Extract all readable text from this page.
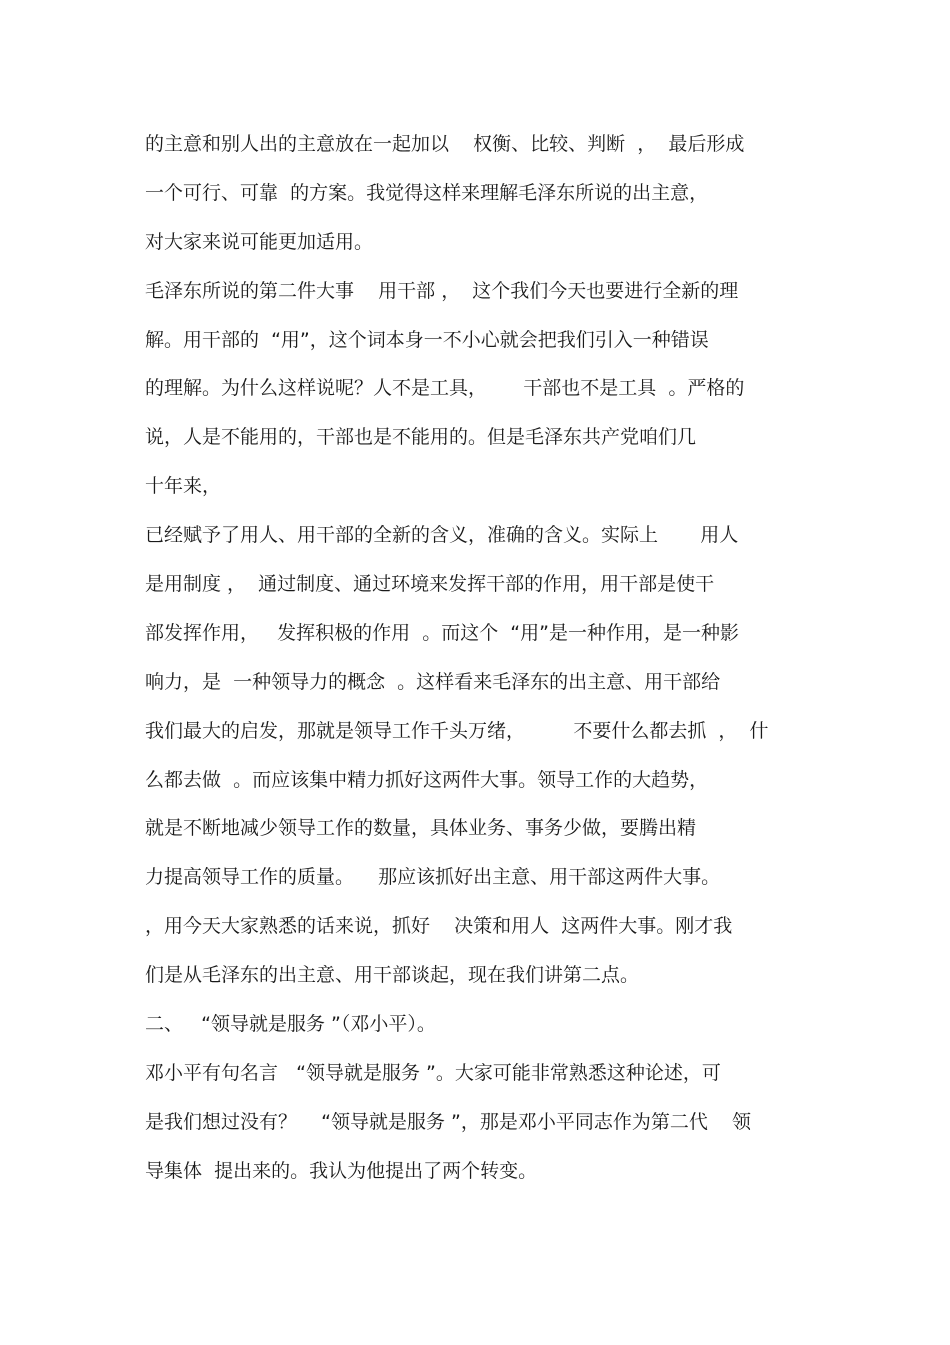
的主意和别人出的主意放在一起加以    权衡、比较、判断  ，  最后形成
一个可行、可靠  的方案。我觉得这样来理解毛泽东所说的出主意，
对大家来说可能更加适用。
毛泽东所说的第二件大事    用干部 ，  这个我们今天也要进行全新的理
解。用干部的  “用”，这个词本身一不小心就会把我们引入一种错误
的理解。为什么这样说呢？人不是工具，      干部也不是工具  。严格的
说，人是不能用的，干部也是不能用的。但是毛泽东共产党咱们几
十年来，
已经赋予了用人、用干部的全新的含义，准确的含义。实际上       用人
是用制度 ，  通过制度、通过环境来发挥干部的作用，用干部是使干
部发挥作用，   发挥积极的作用  。而这个  “用”是一种作用，是一种影
响力，是  一种领导力的概念  。这样看来毛泽东的出主意、用干部给
我们最大的启发，那就是领导工作千头万绪，        不要什么都去抓  ，  什
么都去做  。而应该集中精力抓好这两件大事。领导工作的大趋势，
就是不断地减少领导工作的数量，具体业务、事务少做，要腾出精
力提高领导工作的质量。    那应该抓好出主意、用干部这两件大事。
，用今天大家熟悉的话来说，抓好    决策和用人  这两件大事。刚才我
们是从毛泽东的出主意、用干部谈起，现在我们讲第二点。
二、   “领导就是服务 ”（邓小平）。
邓小平有句名言   “领导就是服务 ”。大家可能非常熟悉这种论述，可
是我们想过没有？    “领导就是服务 ”，那是邓小平同志作为第二代    领
导集体  提出来的。我认为他提出了两个转变。
